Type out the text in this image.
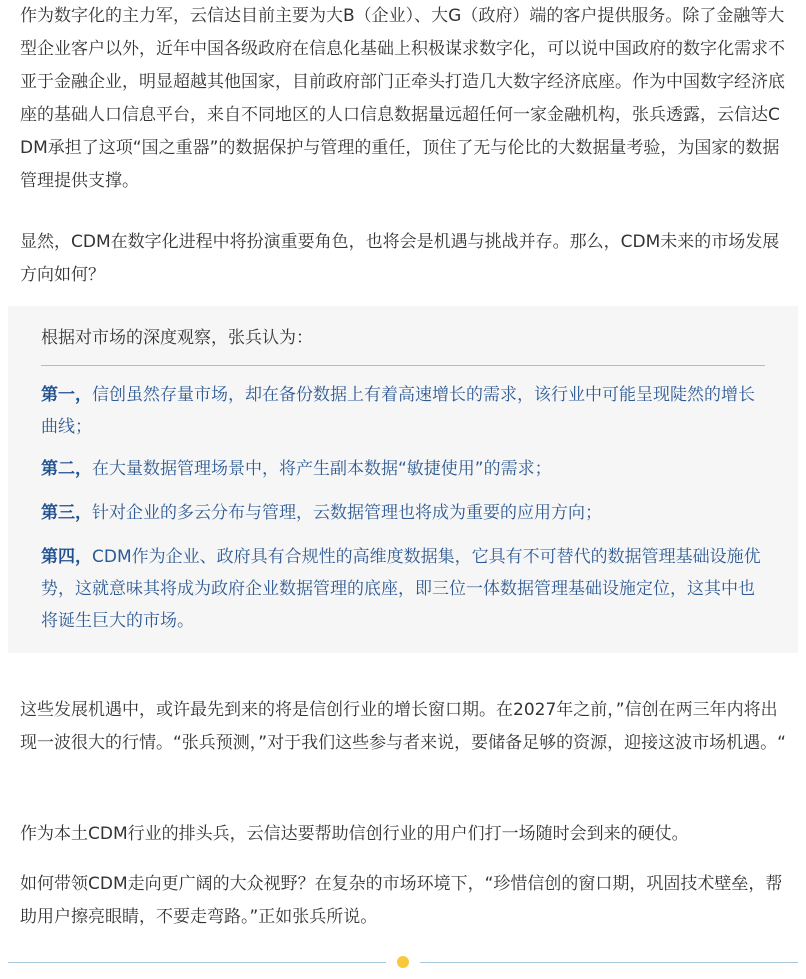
作为数字化的主力军，云信达目前主要为大B（企业）、大G（政府）端的客户提供服务。除了金融等大型企业客户以外，近年中国各级政府在信息化基础上积极谋求数字化，可以说中国政府的数字化需求不亚于金融企业，明显超越其他国家，目前政府部门正牵头打造几大数字经济底座。作为中国数字经济底座的基础人口信息平台，来自不同地区的人口信息数据量远超任何一家金融机构，张兵透露，云信达CDM承担了这项“国之重器”的数据保护与管理的重任，顶住了无与伦比的大数据量考验，为国家的数据管理提供支撑。

显然，CDM在数字化进程中将扮演重要角色，也将会是机遇与挑战并存。那么，CDM未来的市场发展方向如何？

根据对市场的深度观察，张兵认为：

第一，信创虽然存量市场，却在备份数据上有着高速增长的需求，该行业中可能呈现陡然的增长曲线；

第二，在大量数据管理场景中，将产生副本数据“敏捷使用”的需求；

第三，针对企业的多云分布与管理，云数据管理也将成为重要的应用方向；

第四，CDM作为企业、政府具有合规性的高维度数据集，它具有不可替代的数据管理基础设施优势，这就意味其将成为政府企业数据管理的底座，即三位一体数据管理基础设施定位，这其中也将诞生巨大的市场。

这些发展机遇中，或许最先到来的将是信创行业的增长窗口期。在2027年之前，”信创在两三年内将出现一波很大的行情。“张兵预测，”对于我们这些参与者来说，要储备足够的资源，迎接这波市场机遇。“

作为本土CDM行业的排头兵，云信达要帮助信创行业的用户们打一场随时会到来的硬仗。

如何带领CDM走向更广阔的大众视野？在复杂的市场环境下，“珍惜信创的窗口期，巩固技术壁垒，帮助用户擦亮眼睛，不要走弯路。”正如张兵所说。
